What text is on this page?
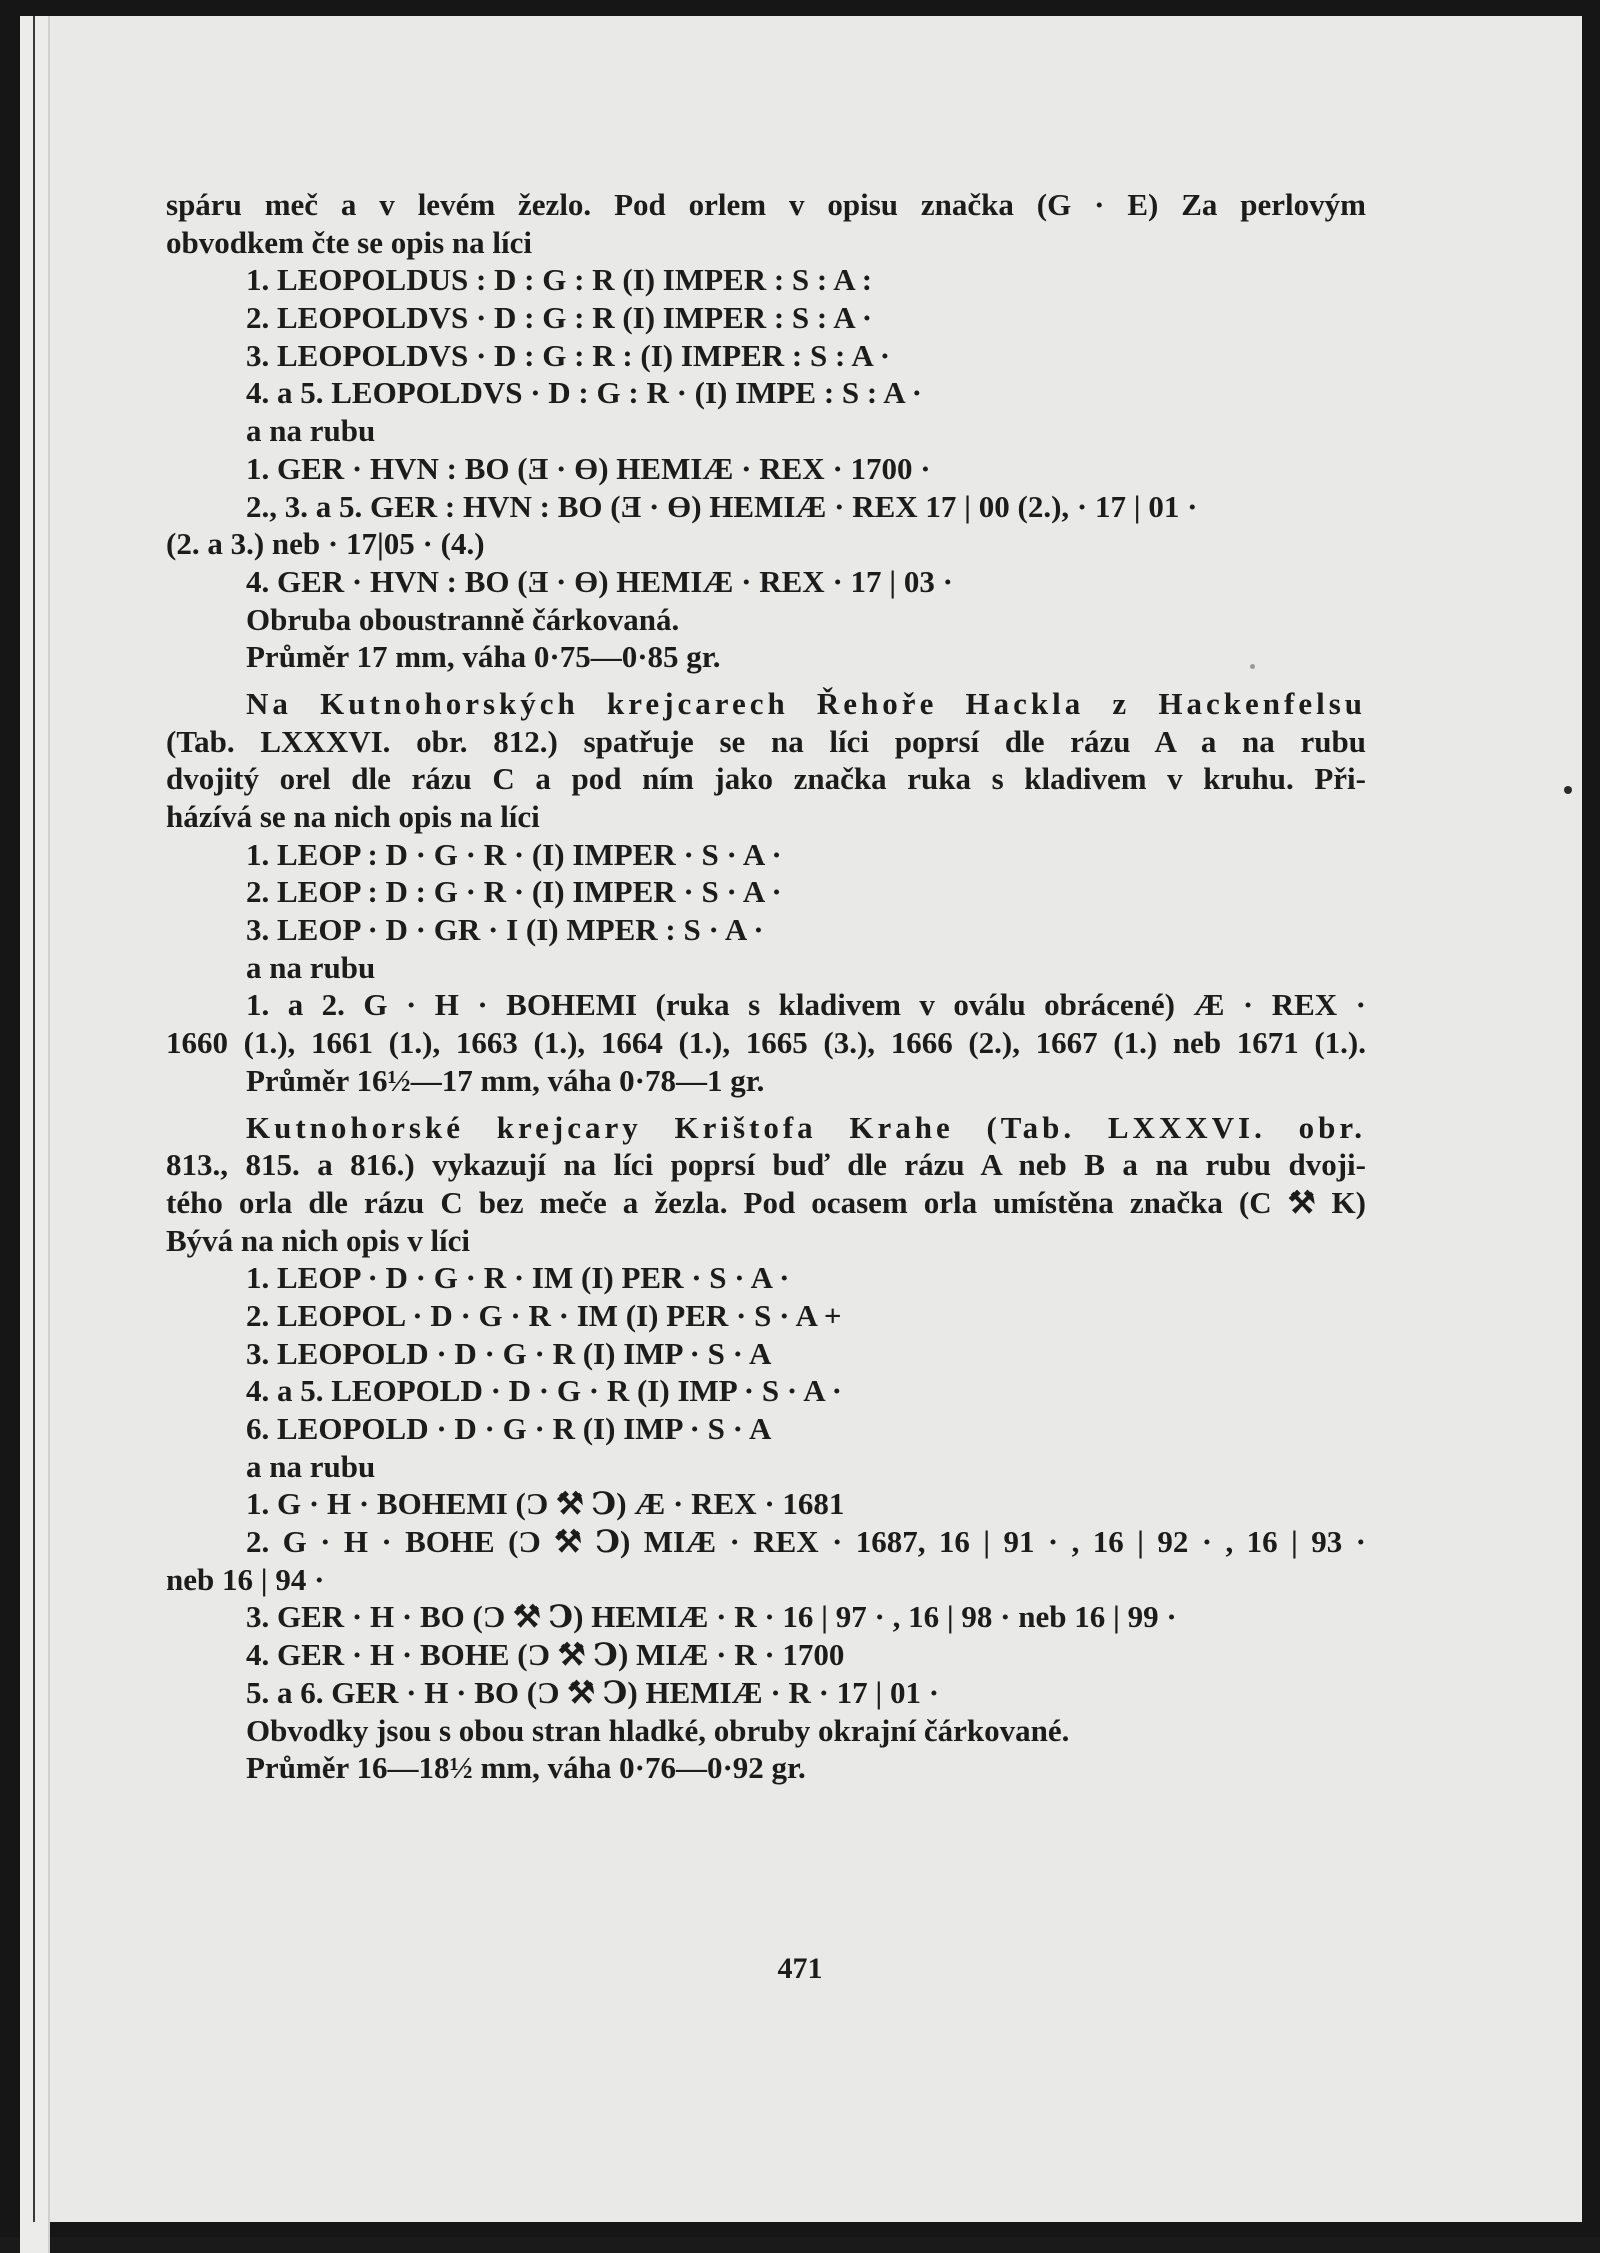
spáru meč a v levém žezlo. Pod orlem v opisu značka (G · E) Za perlovým
obvodkem čte se opis na líci
1. LEOPOLDUS : D : G : R (I) IMPER : S : A :
2. LEOPOLDVS · D : G : R (I) IMPER : S : A ·
3. LEOPOLDVS · D : G : R : (I) IMPER : S : A ·
4. a 5. LEOPOLDVS · D : G : R · (I) IMPE : S : A ·
a na rubu
1. GER · HVN : BO (Ǝ · Ɵ) HEMIÆ · REX · 1700 ·
2., 3. a 5. GER : HVN : BO (Ǝ · Ɵ) HEMIÆ · REX 17 | 00 (2.), · 17 | 01 ·
(2. a 3.) neb · 17|05 · (4.)
4. GER · HVN : BO (Ǝ · Ɵ) HEMIÆ · REX · 17 | 03 ·
Obruba oboustranně čárkovaná.
Průměr 17 mm, váha 0·75—0·85 gr.
Na Kutnohorských krejcarech Řehoře Hackla z Hackenfelsu
(Tab. LXXXVI. obr. 812.) spatřuje se na líci poprsí dle rázu A a na rubu
dvojitý orel dle rázu C a pod ním jako značka ruka s kladivem v kruhu. Při-
házívá se na nich opis na líci
1. LEOP : D · G · R · (I) IMPER · S · A ·
2. LEOP : D : G · R · (I) IMPER · S · A ·
3. LEOP · D · GR · I (I) MPER : S · A ·
a na rubu
1. a 2. G · H · BOHEMI (ruka s kladivem v oválu obrácené) Æ · REX ·
1660 (1.), 1661 (1.), 1663 (1.), 1664 (1.), 1665 (3.), 1666 (2.), 1667 (1.) neb 1671 (1.).
Průměr 16½—17 mm, váha 0·78—1 gr.
Kutnohorské krejcary Krištofa Krahe (Tab. LXXXVI. obr.
813., 815. a 816.) vykazují na líci poprsí buď dle rázu A neb B a na rubu dvoji-
tého orla dle rázu C bez meče a žezla. Pod ocasem orla umístěna značka (C ⚒ K)
Bývá na nich opis v líci
1. LEOP · D · G · R · IM (I) PER · S · A ·
2. LEOPOL · D · G · R · IM (I) PER · S · A +
3. LEOPOLD · D · G · R (I) IMP · S · A
4. a 5. LEOPOLD · D · G · R (I) IMP · S · A ·
6. LEOPOLD · D · G · R (I) IMP · S · A
a na rubu
1. G · H · BOHEMI (Ɔ ⚒ Ↄ) Æ · REX · 1681
2. G · H · BOHE (Ɔ ⚒ Ↄ) MIÆ · REX · 1687, 16 | 91 · , 16 | 92 · , 16 | 93 ·
neb 16 | 94 ·
3. GER · H · BO (Ɔ ⚒ Ↄ) HEMIÆ · R · 16 | 97 · , 16 | 98 · neb 16 | 99 ·
4. GER · H · BOHE (Ɔ ⚒ Ↄ) MIÆ · R · 1700
5. a 6. GER · H · BO (Ɔ ⚒ Ↄ) HEMIÆ · R · 17 | 01 ·
Obvodky jsou s obou stran hladké, obruby okrajní čárkované.
Průměr 16—18½ mm, váha 0·76—0·92 gr.
471
